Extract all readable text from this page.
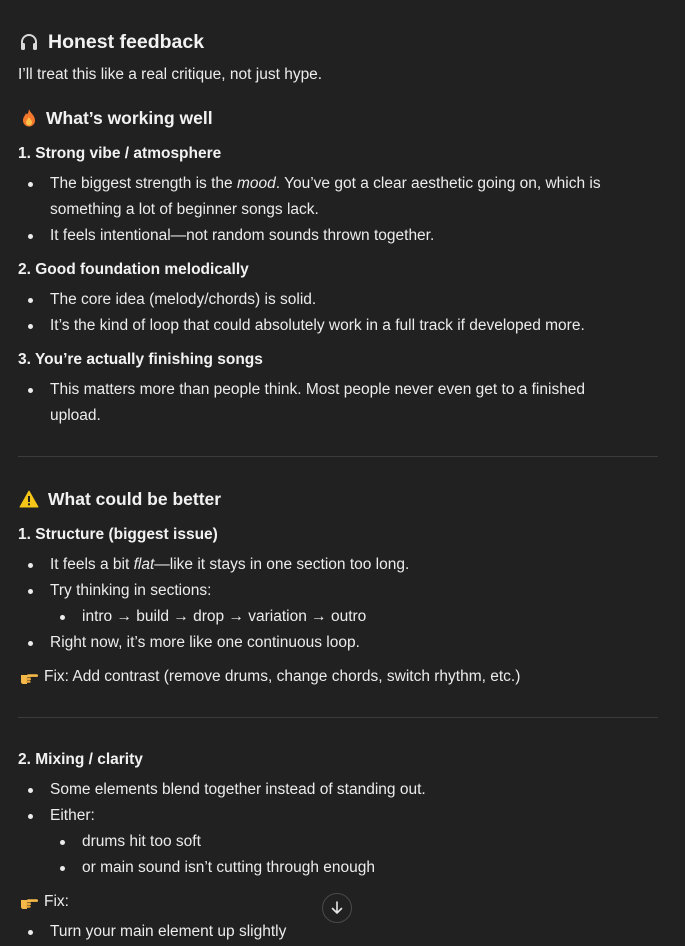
Honest feedback
I’ll treat this like a real critique, not just hype.
What’s working well
1. Strong vibe / atmosphere
The biggest strength is the mood. You’ve got a clear aesthetic going on, which is
something a lot of beginner songs lack.
It feels intentional—not random sounds thrown together.
2. Good foundation melodically
The core idea (melody/chords) is solid.
It’s the kind of loop that could absolutely work in a full track if developed more.
3. You’re actually finishing songs
This matters more than people think. Most people never even get to a finished
upload.
What could be better
1. Structure (biggest issue)
It feels a bit flat—like it stays in one section too long.
Try thinking in sections:
intro → build → drop → variation → outro
Right now, it’s more like one continuous loop.
Fix: Add contrast (remove drums, change chords, switch rhythm, etc.)
2. Mixing / clarity
Some elements blend together instead of standing out.
Either:
drums hit too soft
or main sound isn’t cutting through enough
Fix:
Turn your main element up slightly
